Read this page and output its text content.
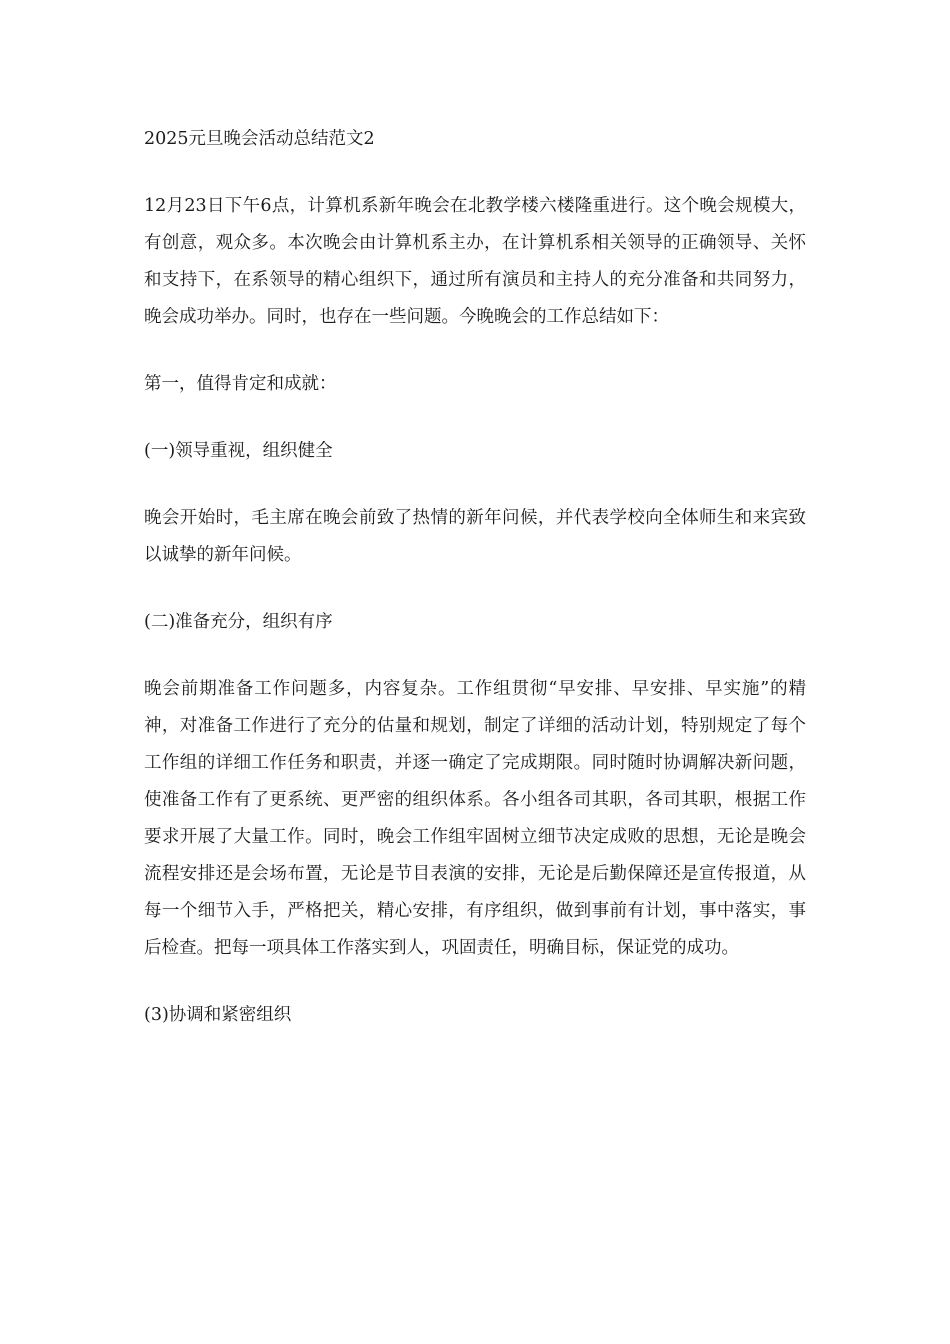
2025元旦晚会活动总结范文2

12月23日下午6点，计算机系新年晚会在北教学楼六楼隆重进行。这个晚会规模大，有创意，观众多。本次晚会由计算机系主办，在计算机系相关领导的正确领导、关怀和支持下，在系领导的精心组织下，通过所有演员和主持人的充分准备和共同努力，晚会成功举办。同时，也存在一些问题。今晚晚会的工作总结如下：

第一，值得肯定和成就：

(一)领导重视，组织健全

晚会开始时，毛主席在晚会前致了热情的新年问候，并代表学校向全体师生和来宾致以诚挚的新年问候。

(二)准备充分，组织有序

晚会前期准备工作问题多，内容复杂。工作组贯彻“早安排、早安排、早实施”的精神，对准备工作进行了充分的估量和规划，制定了详细的活动计划，特别规定了每个工作组的详细工作任务和职责，并逐一确定了完成期限。同时随时协调解决新问题，使准备工作有了更系统、更严密的组织体系。各小组各司其职，各司其职，根据工作要求开展了大量工作。同时，晚会工作组牢固树立细节决定成败的思想，无论是晚会流程安排还是会场布置，无论是节目表演的安排，无论是后勤保障还是宣传报道，从每一个细节入手，严格把关，精心安排，有序组织，做到事前有计划，事中落实，事后检查。把每一项具体工作落实到人，巩固责任，明确目标，保证党的成功。

(3)协调和紧密组织
